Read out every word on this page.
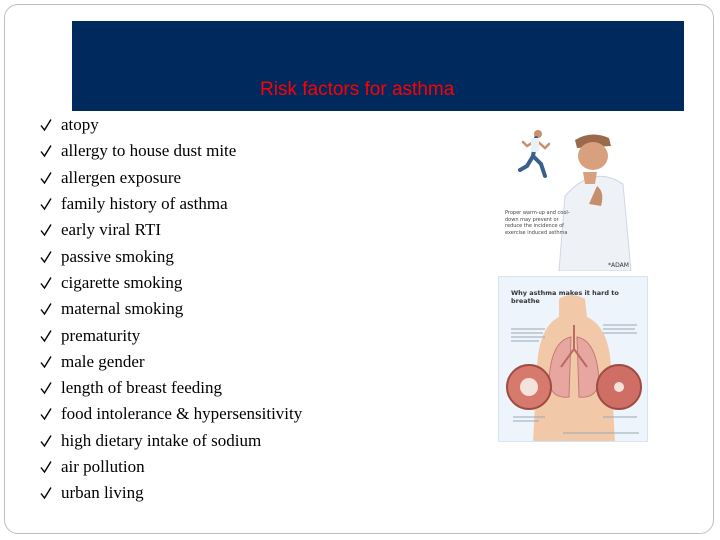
Risk factors for asthma
atopy
allergy to house dust mite
allergen exposure
family history of asthma
early viral RTI
passive smoking
cigarette smoking
maternal smoking
prematurity
male gender
length of breast feeding
food intolerance & hypersensitivity
high dietary intake of sodium
air pollution
urban living
Proper warm-up and cool-down may prevent or reduce the incidence of exercise induced asthma
*ADAM
Why asthma makes it hard to breathe
